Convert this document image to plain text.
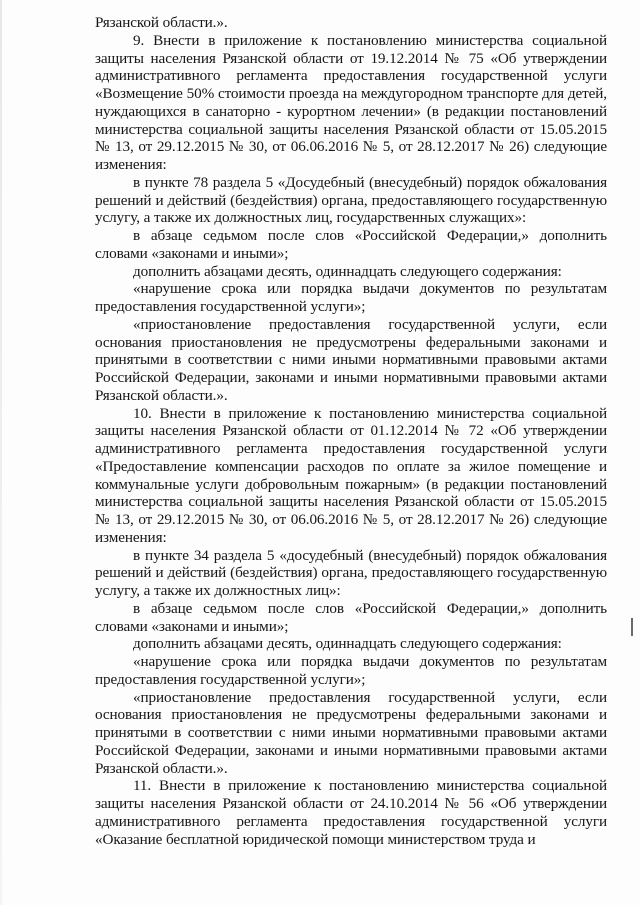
Рязанской области.».

9. Внести в приложение к постановлению министерства социальной защиты населения Рязанской области от 19.12.2014 № 75 «Об утверждении административного регламента предоставления государственной услуги «Возмещение 50% стоимости проезда на междугородном транспорте для детей, нуждающихся в санаторно - курортном лечении» (в редакции постановлений министерства социальной защиты населения Рязанской области от 15.05.2015 № 13, от 29.12.2015 № 30, от 06.06.2016 № 5, от 28.12.2017 № 26) следующие изменения:

в пункте 78 раздела 5 «Досудебный (внесудебный) порядок обжалования решений и действий (бездействия) органа, предоставляющего государственную услугу, а также их должностных лиц, государственных служащих»:

в абзаце седьмом после слов «Российской Федерации,» дополнить словами «законами и иными»;

дополнить абзацами десять, одиннадцать следующего содержания:

«нарушение срока или порядка выдачи документов по результатам предоставления государственной услуги»;

«приостановление предоставления государственной услуги, если основания приостановления не предусмотрены федеральными законами и принятыми в соответствии с ними иными нормативными правовыми актами Российской Федерации, законами и иными нормативными правовыми актами Рязанской области.».

10. Внести в приложение к постановлению министерства социальной защиты населения Рязанской области от 01.12.2014 № 72 «Об утверждении административного регламента предоставления государственной услуги «Предоставление компенсации расходов по оплате за жилое помещение и коммунальные услуги добровольным пожарным» (в редакции постановлений министерства социальной защиты населения Рязанской области от 15.05.2015 № 13, от 29.12.2015 № 30, от 06.06.2016 № 5, от 28.12.2017 № 26) следующие изменения:

в пункте 34 раздела 5 «досудебный (внесудебный) порядок обжалования решений и действий (бездействия) органа, предоставляющего государственную услугу, а также их должностных лиц»:

в абзаце седьмом после слов «Российской Федерации,» дополнить словами «законами и иными»;

дополнить абзацами десять, одиннадцать следующего содержания:

«нарушение срока или порядка выдачи документов по результатам предоставления государственной услуги»;

«приостановление предоставления государственной услуги, если основания приостановления не предусмотрены федеральными законами и принятыми в соответствии с ними иными нормативными правовыми актами Российской Федерации, законами и иными нормативными правовыми актами Рязанской области.».

11. Внести в приложение к постановлению министерства социальной защиты населения Рязанской области от 24.10.2014 № 56 «Об утверждении административного регламента предоставления государственной услуги «Оказание бесплатной юридической помощи министерством труда и
